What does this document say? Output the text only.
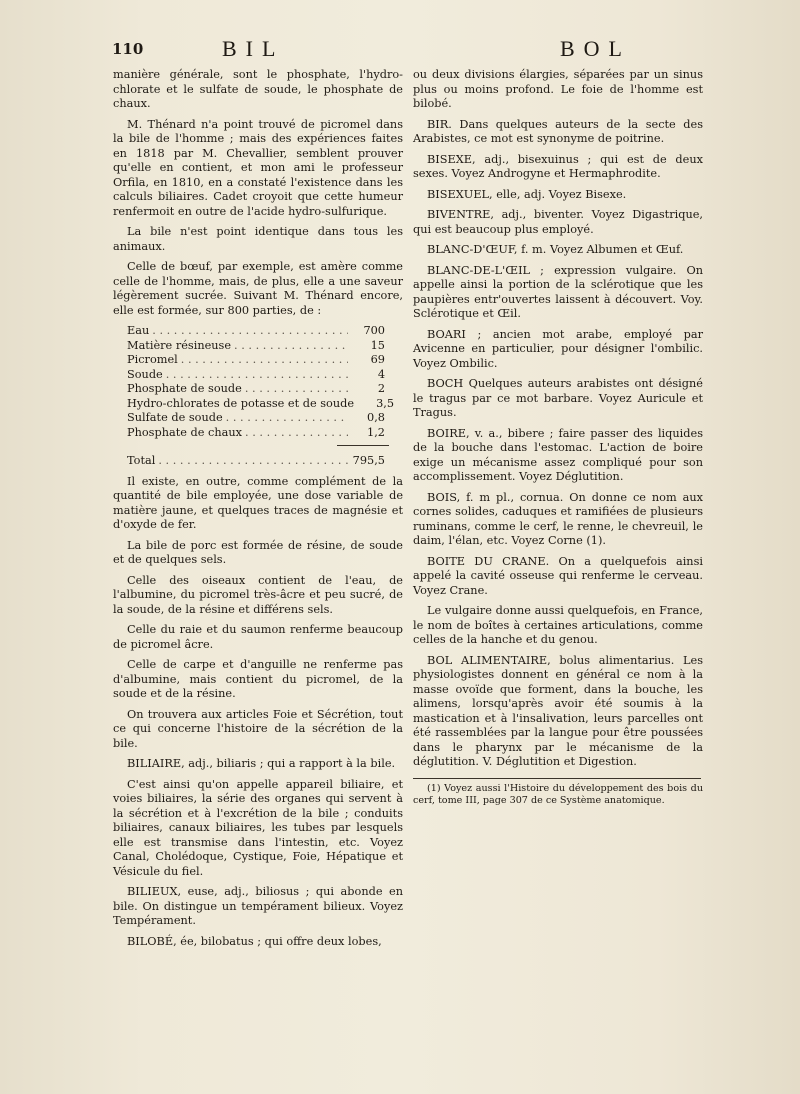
110	BIL	BOL

manière générale, sont le phosphate, l'hydro-chlorate et le sulfate de soude, le phosphate de chaux.

M. Thénard n'a point trouvé de picromel dans la bile de l'homme ; mais des expériences faites en 1818 par M. Chevallier, semblent prouver qu'elle en contient, et mon ami le professeur Orfila, en 1810, en a constaté l'existence dans les calculs biliaires. Cadet croyoit que cette humeur renfermoit en outre de l'acide hydro-sulfurique.

La bile n'est point identique dans tous les animaux.

Celle de bœuf, par exemple, est amère comme celle de l'homme, mais, de plus, elle a une saveur légèrement sucrée. Suivant M. Thénard encore, elle est formée, sur 800 parties, de :

Eau . . .	700
Matière résineuse . . .	15
Picromel . . .	69
Soude . . .	4
Phosphate de soude . . .	2
Hydro-chlorates de potasse et de soude	3,5
Sulfate de soude . . .	0,8
Phosphate de chaux . . .	1,2
Total . . .	795,5

Il existe, en outre, comme complément de la quantité de bile employée, une dose variable de matière jaune, et quelques traces de magnésie et d'oxyde de fer.

La bile de porc est formée de résine, de soude et de quelques sels.

Celle des oiseaux contient de l'eau, de l'albumine, du picromel très-âcre et peu sucré, de la soude, de la résine et différens sels.

Celle du raie et du saumon renferme beaucoup de picromel âcre.

Celle de carpe et d'anguille ne renferme pas d'albumine, mais contient du picromel, de la soude et de la résine.

On trouvera aux articles Foie et Sécrétion, tout ce qui concerne l'histoire de la sécrétion de la bile.

BILIAIRE, adj., biliaris ; qui a rapport à la bile.

C'est ainsi qu'on appelle appareil biliaire, et voies biliaires, la série des organes qui servent à la sécrétion et à l'excrétion de la bile ; conduits biliaires, canaux biliaires, les tubes par lesquels elle est transmise dans l'intestin, etc. Voyez Canal, Cholédoque, Cystique, Foie, Hépatique et Vésicule du fiel.

BILIEUX, euse, adj., biliosus ; qui abonde en bile. On distingue un tempérament bilieux. Voyez Tempérament.

BILOBÉ, ée, bilobatus ; qui offre deux lobes,

ou deux divisions élargies, séparées par un sinus plus ou moins profond. Le foie de l'homme est bilobé.

BIR. Dans quelques auteurs de la secte des Arabistes, ce mot est synonyme de poitrine.

BISEXE, adj., bisexuinus ; qui est de deux sexes. Voyez Androgyne et Hermaphrodite.

BISEXUEL, elle, adj. Voyez Bisexe.

BIVENTRE, adj., biventer. Voyez Digastrique, qui est beaucoup plus employé.

BLANC-D'ŒUF, f. m. Voyez Albumen et Œuf.

BLANC-DE-L'ŒIL ; expression vulgaire. On appelle ainsi la portion de la sclérotique que les paupières entr'ouvertes laissent à découvert. Voy. Sclérotique et Œil.

BOARI ; ancien mot arabe, employé par Avicenne en particulier, pour désigner l'ombilic. Voyez Ombilic.

BOCH Quelques auteurs arabistes ont désigné le tragus par ce mot barbare. Voyez Auricule et Tragus.

BOIRE, v. a., bibere ; faire passer des liquides de la bouche dans l'estomac. L'action de boire exige un mécanisme assez compliqué pour son accomplissement. Voyez Déglutition.

BOIS, f. m pl., cornua. On donne ce nom aux cornes solides, caduques et ramifiées de plusieurs ruminans, comme le cerf, le renne, le chevreuil, le daim, l'élan, etc. Voyez Corne (1).

BOITE DU CRANE. On a quelquefois ainsi appelé la cavité osseuse qui renferme le cerveau. Voyez Crane.

Le vulgaire donne aussi quelquefois, en France, le nom de boîtes à certaines articulations, comme celles de la hanche et du genou.

BOL ALIMENTAIRE, bolus alimentarius. Les physiologistes donnent en général ce nom à la masse ovoïde que forment, dans la bouche, les alimens, lorsqu'après avoir été soumis à la mastication et à l'insalivation, leurs parcelles ont été rassemblées par la langue pour être poussées dans le pharynx par le mécanisme de la déglutition. V. Déglutition et Digestion.

(1) Voyez aussi l'Histoire du développement des bois du cerf, tome III, page 307 de ce Système anatomique.
